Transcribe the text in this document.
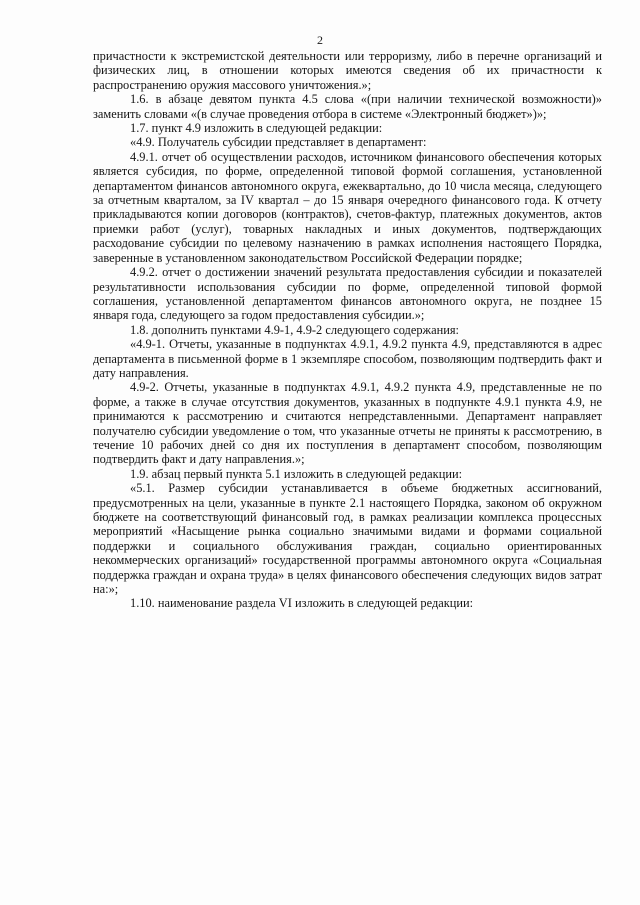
2

причастности к экстремистской деятельности или терроризму, либо в перечне организаций и физических лиц, в отношении которых имеются сведения об их причастности к распространению оружия массового уничтожения.»;

1.6. в абзаце девятом пункта 4.5 слова «(при наличии технической возможности)» заменить словами «(в случае проведения отбора в системе «Электронный бюджет»)»;

1.7. пункт 4.9 изложить в следующей редакции:

«4.9. Получатель субсидии представляет в департамент:

4.9.1. отчет об осуществлении расходов, источником финансового обеспечения которых является субсидия, по форме, определенной типовой формой соглашения, установленной департаментом финансов автономного округа, ежеквартально, до 10 числа месяца, следующего за отчетным кварталом, за IV квартал – до 15 января очередного финансового года. К отчету прикладываются копии договоров (контрактов), счетов-фактур, платежных документов, актов приемки работ (услуг), товарных накладных и иных документов, подтверждающих расходование субсидии по целевому назначению в рамках исполнения настоящего Порядка, заверенные в установленном законодательством Российской Федерации порядке;

4.9.2. отчет о достижении значений результата предоставления субсидии и показателей результативности использования субсидии по форме, определенной типовой формой соглашения, установленной департаментом финансов автономного округа, не позднее 15 января года, следующего за годом предоставления субсидии.»;

1.8. дополнить пунктами 4.9-1, 4.9-2 следующего содержания:

«4.9-1. Отчеты, указанные в подпунктах 4.9.1, 4.9.2 пункта 4.9, представляются в адрес департамента в письменной форме в 1 экземпляре способом, позволяющим подтвердить факт и дату направления.

4.9-2. Отчеты, указанные в подпунктах 4.9.1, 4.9.2 пункта 4.9, представленные не по форме, а также в случае отсутствия документов, указанных в подпункте 4.9.1 пункта 4.9, не принимаются к рассмотрению и считаются непредставленными. Департамент направляет получателю субсидии уведомление о том, что указанные отчеты не приняты к рассмотрению, в течение 10 рабочих дней со дня их поступления в департамент способом, позволяющим подтвердить факт и дату направления.»;

1.9. абзац первый пункта 5.1 изложить в следующей редакции:

«5.1. Размер субсидии устанавливается в объеме бюджетных ассигнований, предусмотренных на цели, указанные в пункте 2.1 настоящего Порядка, законом об окружном бюджете на соответствующий финансовый год, в рамках реализации комплекса процессных мероприятий «Насыщение рынка социально значимыми видами и формами социальной поддержки и социального обслуживания граждан, социально ориентированных некоммерческих организаций» государственной программы автономного округа «Социальная поддержка граждан и охрана труда» в целях финансового обеспечения следующих видов затрат на:»;

1.10. наименование раздела VI изложить в следующей редакции:
